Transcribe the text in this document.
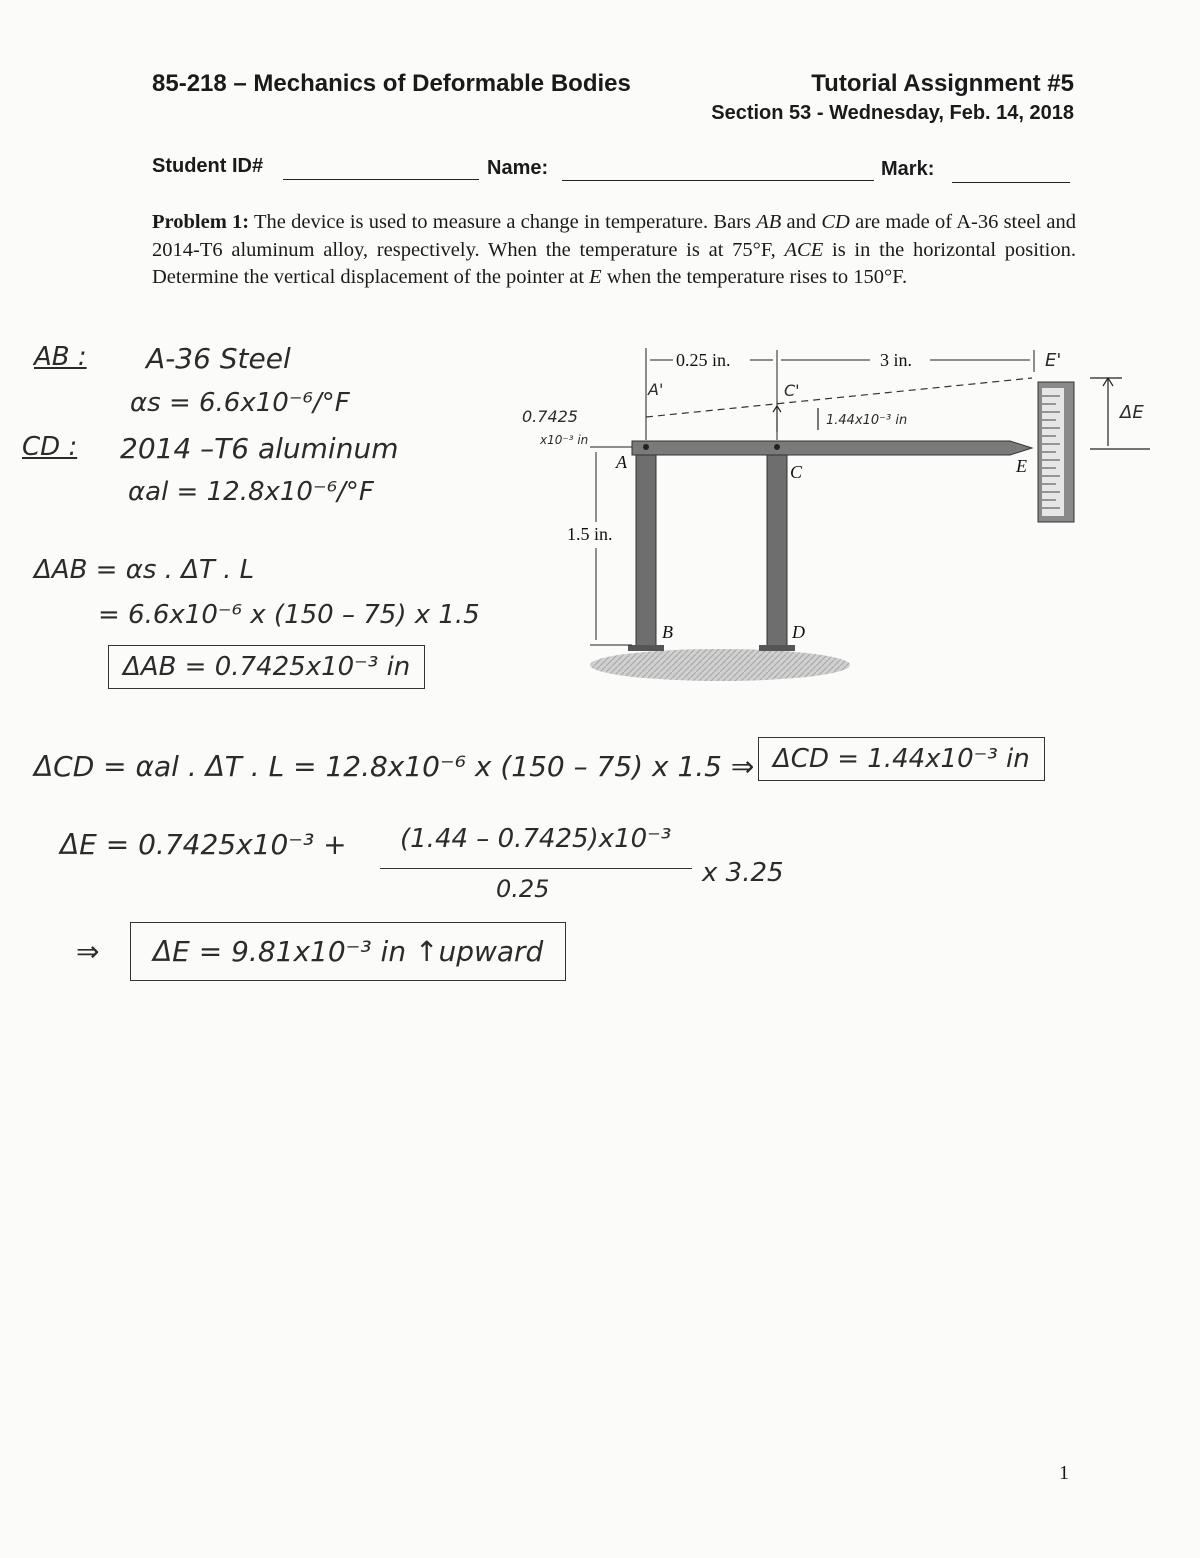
85-218 – Mechanics of Deformable Bodies	Tutorial Assignment #5
Section 53 - Wednesday, Feb. 14, 2018
Student ID#	Name:	Mark:
Problem 1: The device is used to measure a change in temperature. Bars AB and CD are made of A-36 steel and 2014-T6 aluminum alloy, respectively. When the temperature is at 75°F, ACE is in the horizontal position. Determine the vertical displacement of the pointer at E when the temperature rises to 150°F.
0.25 in.	3 in.
1.5 in.
A
B
C
D
E
A'	C'
E'
0.7425
x10⁻³ in
1.44x10⁻³ in	ΔE
AB : A-36 Steel
αs = 6.6x10⁻⁶/°F
CD : 2014 –T6 aluminum
αal = 12.8x10⁻⁶/°F
ΔAB = αs . ΔT . L
= 6.6x10⁻⁶ x (150 – 75) x 1.5
ΔAB = 0.7425x10⁻³ in
ΔCD = αal . ΔT . L = 12.8x10⁻⁶ x (150 – 75) x 1.5 ⇒ ΔCD = 1.44x10⁻³ in
ΔE = 0.7425x10⁻³ + (1.44 – 0.7425)x10⁻³
0.25
x 3.25
⇒	ΔE = 9.81x10⁻³ in ↑upward
1
